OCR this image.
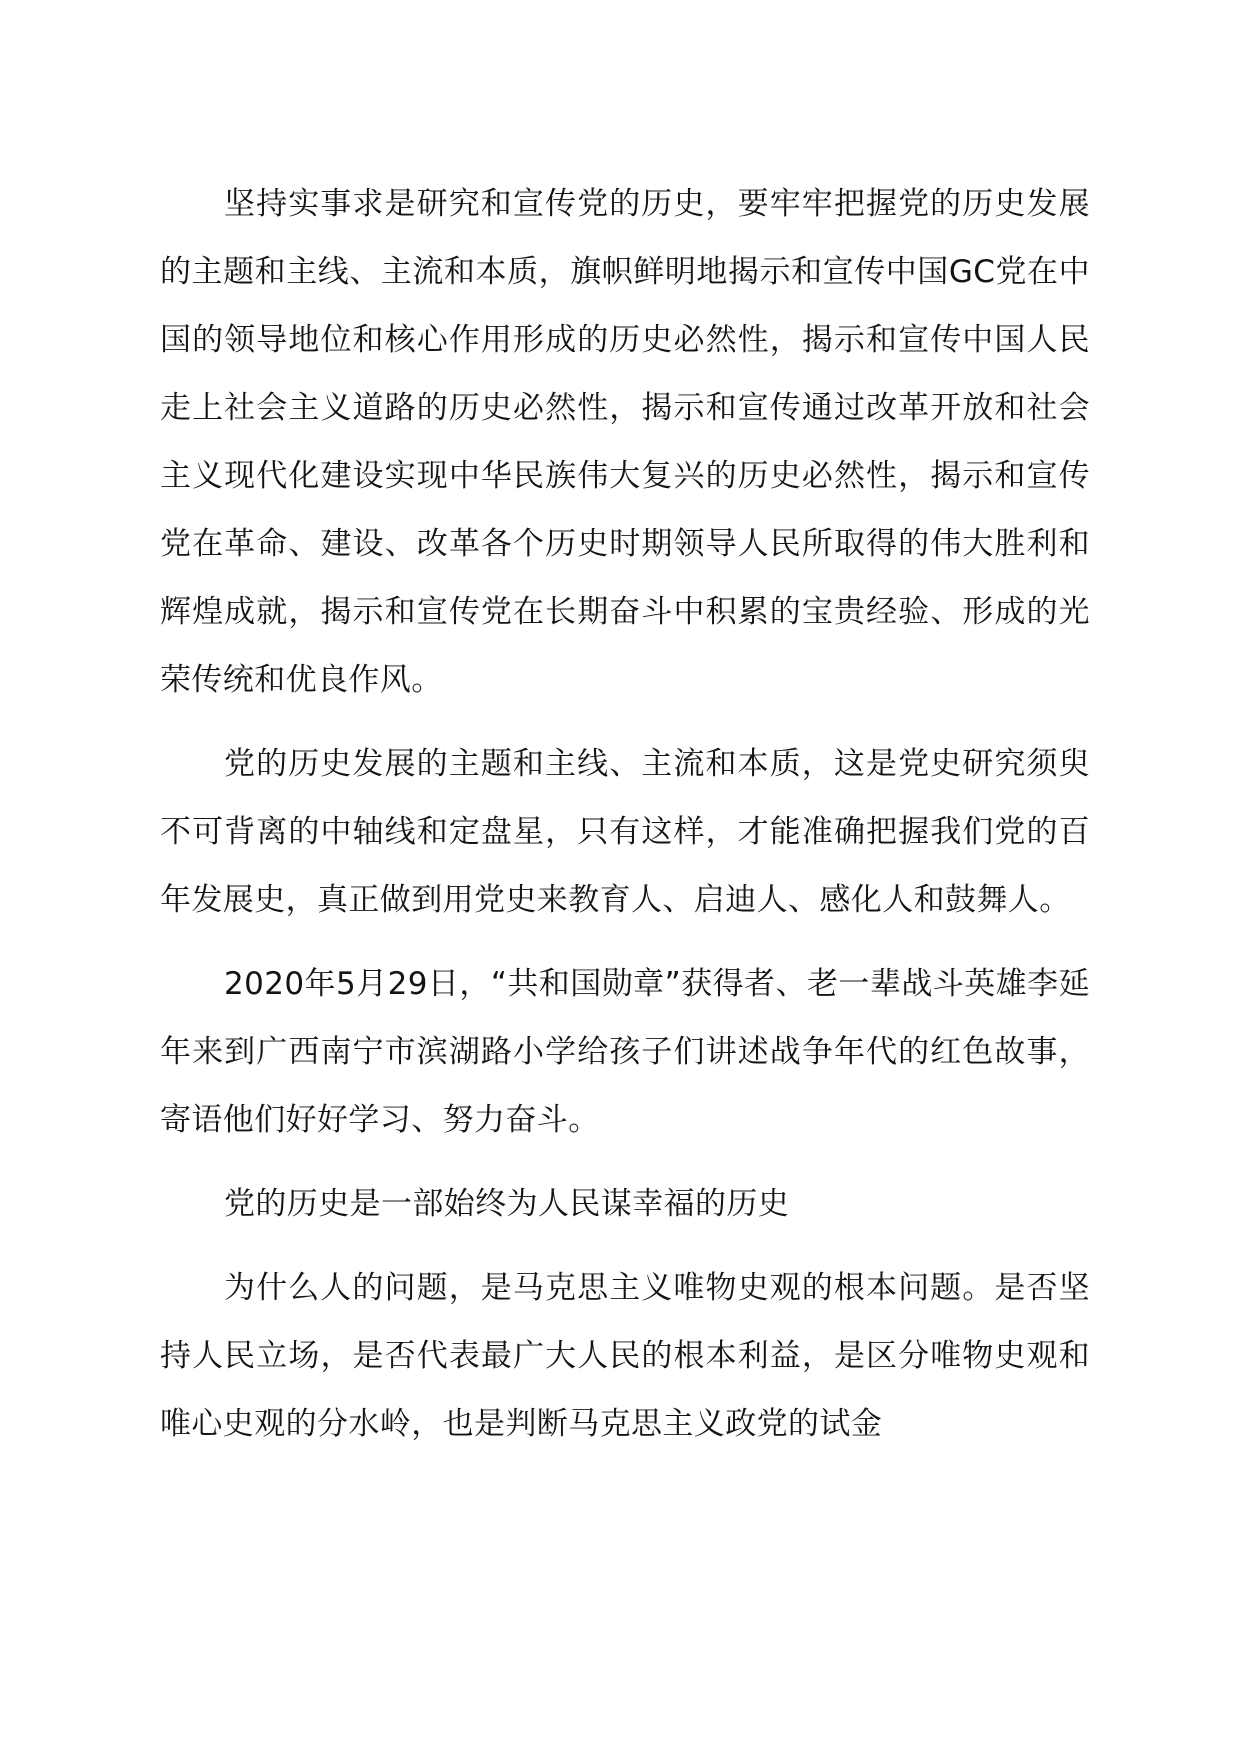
坚持实事求是研究和宣传党的历史，要牢牢把握党的历史发展的主题和主线、主流和本质，旗帜鲜明地揭示和宣传中国GC党在中国的领导地位和核心作用形成的历史必然性，揭示和宣传中国人民走上社会主义道路的历史必然性，揭示和宣传通过改革开放和社会主义现代化建设实现中华民族伟大复兴的历史必然性，揭示和宣传党在革命、建设、改革各个历史时期领导人民所取得的伟大胜利和辉煌成就，揭示和宣传党在长期奋斗中积累的宝贵经验、形成的光荣传统和优良作风。

党的历史发展的主题和主线、主流和本质，这是党史研究须臾不可背离的中轴线和定盘星，只有这样，才能准确把握我们党的百年发展史，真正做到用党史来教育人、启迪人、感化人和鼓舞人。

2020年5月29日，“共和国勋章”获得者、老一辈战斗英雄李延年来到广西南宁市滨湖路小学给孩子们讲述战争年代的红色故事，寄语他们好好学习、努力奋斗。

党的历史是一部始终为人民谋幸福的历史

为什么人的问题，是马克思主义唯物史观的根本问题。是否坚持人民立场，是否代表最广大人民的根本利益，是区分唯物史观和唯心史观的分水岭，也是判断马克思主义政党的试金
